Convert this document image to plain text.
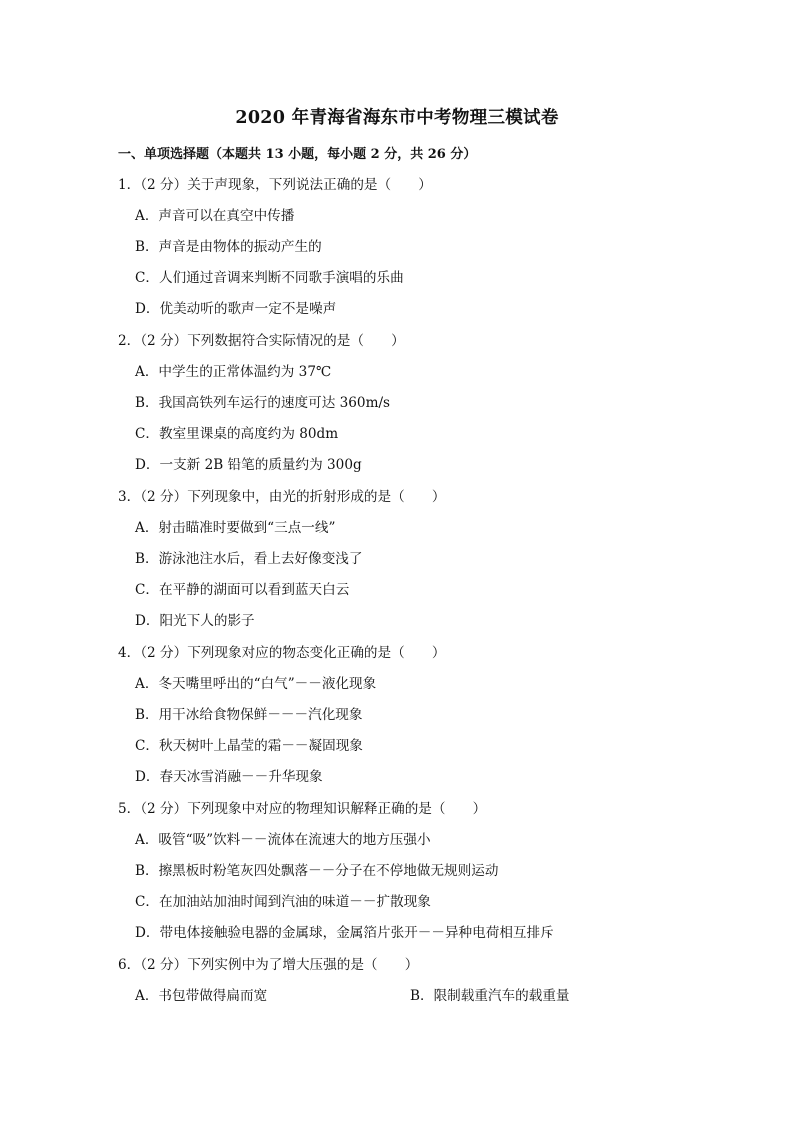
2020 年青海省海东市中考物理三模试卷
一、单项选择题（本题共 13 小题，每小题 2 分，共 26 分）
1．（2 分）关于声现象，下列说法正确的是（　　）
A．声音可以在真空中传播
B．声音是由物体的振动产生的
C．人们通过音调来判断不同歌手演唱的乐曲
D．优美动听的歌声一定不是噪声
2．（2 分）下列数据符合实际情况的是（　　）
A．中学生的正常体温约为 37℃
B．我国高铁列车运行的速度可达 360m/s
C．教室里课桌的高度约为 80dm
D．一支新 2B 铅笔的质量约为 300g
3．（2 分）下列现象中，由光的折射形成的是（　　）
A．射击瞄准时要做到“三点一线”
B．游泳池注水后，看上去好像变浅了
C．在平静的湖面可以看到蓝天白云
D．阳光下人的影子
4．（2 分）下列现象对应的物态变化正确的是（　　）
A．冬天嘴里呼出的“白气”－－液化现象
B．用干冰给食物保鲜－－－汽化现象
C．秋天树叶上晶莹的霜－－凝固现象
D．春天冰雪消融－－升华现象
5．（2 分）下列现象中对应的物理知识解释正确的是（　　）
A．吸管“吸”饮料－－流体在流速大的地方压强小
B．擦黑板时粉笔灰四处飘落－－分子在不停地做无规则运动
C．在加油站加油时闻到汽油的味道－－扩散现象
D．带电体接触验电器的金属球，金属箔片张开－－异种电荷相互排斥
6．（2 分）下列实例中为了增大压强的是（　　）
A．书包带做得扁而宽	B．限制载重汽车的载重量
